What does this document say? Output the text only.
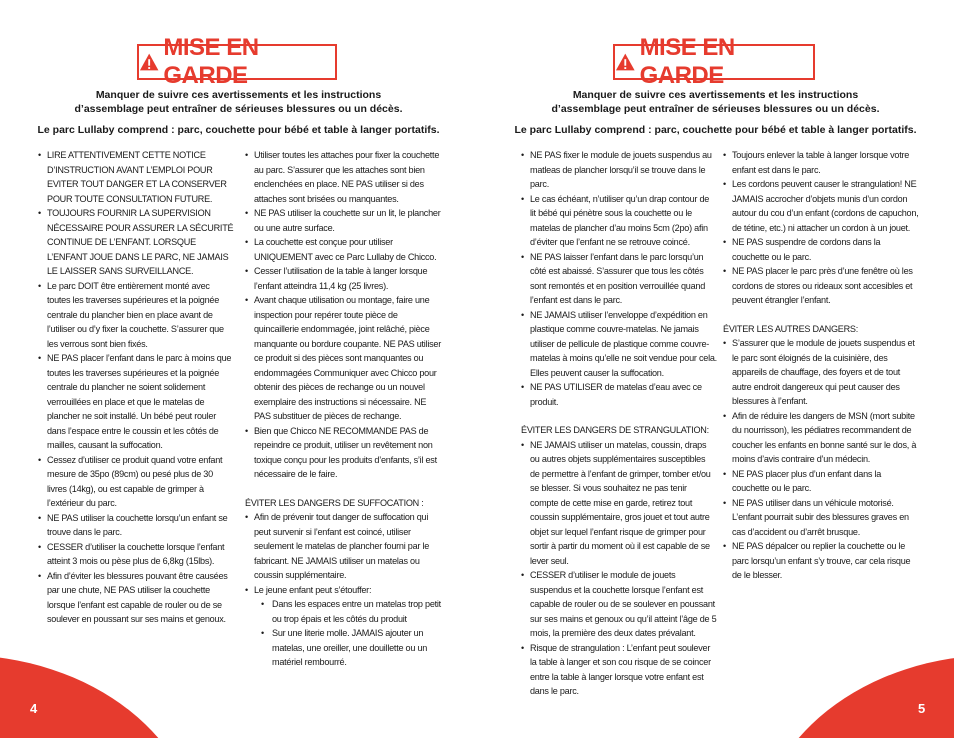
MISE EN GARDE
Manquer de suivre ces avertissements et les instructions
d’assemblage peut entraîner de sérieuses blessures ou un décès.
Le parc Lullaby comprend : parc, couchette pour bébé et table à langer portatifs.
• LIRE ATTENTIVEMENT CETTE NOTICE D’INSTRUCTION AVANT L’EMPLOI POUR EVITER TOUT DANGER ET LA CONSERVER POUR TOUTE CONSULTATION FUTURE.
• TOUJOURS FOURNIR LA SUPERVISION NÉCESSAIRE POUR ASSURER LA SÉCURITÉ CONTINUE DE L’ENFANT. LORSQUE L’ENFANT JOUE DANS LE PARC, NE JAMAIS LE LAISSER SANS SURVEILLANCE.
• Le parc DOIT être entièrement monté avec toutes les traverses supérieures et la poignée centrale du plancher bien en place avant de l’utiliser ou d’y fixer la couchette. S’assurer que les verrous sont bien fixés.
• NE PAS placer l’enfant dans le parc à moins que toutes les traverses supérieures et la poignée centrale du plancher ne soient solidement verrouillées en place et que le matelas de plancher ne soit installé. Un bébé peut rouler dans l’espace entre le coussin et les côtés de mailles, causant la suffocation.
• Cessez d’utiliser ce produit quand votre enfant mesure de 35po (89cm) ou pesé plus de 30 livres (14kg), ou est capable de grimper à l’extérieur du parc.
• NE PAS utiliser la couchette lorsqu’un enfant se trouve dans le parc.
• CESSER d’utiliser la couchette lorsque l’enfant atteint 3 mois ou pèse plus de 6,8kg (15lbs).
• Afin d’éviter les blessures pouvant être causées par une chute, NE PAS utiliser la couchette lorsque l’enfant est capable de rouler ou de se soulever en poussant sur ses mains et genoux.
• Utiliser toutes les attaches pour fixer la couchette au parc. S’assurer que les attaches sont bien enclenchées en place. NE PAS utiliser si des attaches sont brisées ou manquantes.
• NE PAS utiliser la couchette sur un lit, le plancher ou une autre surface.
• La couchette est conçue pour utiliser UNIQUEMENT avec ce Parc Lullaby de Chicco.
• Cesser l’utilisation de la table à langer lorsque l’enfant atteindra 11,4 kg (25 livres).
• Avant chaque utilisation ou montage, faire une inspection pour repérer toute pièce de quincaillerie endommagée, joint relâché, pièce manquante ou bordure coupante. NE PAS utiliser ce produit si des pièces sont manquantes ou endommagées Communiquer avec Chicco pour obtenir des pièces de rechange ou un nouvel exemplaire des instructions si nécessaire. NE PAS substituer de pièces de rechange.
• Bien que Chicco NE RECOMMANDE PAS de repeindre ce produit, utiliser un revêtement non toxique conçu pour les produits d’enfants, s’il est nécessaire de le faire.
ÉVITER LES DANGERS DE SUFFOCATION :
• Afin de prévenir tout danger de suffocation qui peut survenir si l’enfant est coincé, utiliser seulement le matelas de plancher fourni par le fabricant. NE JAMAIS utiliser un matelas ou coussin supplémentaire.
• Le jeune enfant peut s’étouffer:
• Dans les espaces entre un matelas trop petit ou trop épais et les côtés du produit
• Sur une literie molle. JAMAIS ajouter un matelas, une oreiller, une douillette ou un matériel rembourré.
4
MISE EN GARDE
Manquer de suivre ces avertissements et les instructions
d’assemblage peut entraîner de sérieuses blessures ou un décès.
Le parc Lullaby comprend : parc, couchette pour bébé et table à langer portatifs.
• NE PAS fixer le module de jouets suspendus au matleas de plancher lorsqu’il se trouve dans le parc.
• Le cas échéant, n’utiliser qu’un drap contour de lit bébé qui pénètre sous la couchette ou le matelas de plancher d’au moins 5cm (2po) afin d’éviter que l’enfant ne se retrouve coincé.
• NE PAS laisser l’enfant dans le parc lorsqu’un côté est abaissé. S’assurer que tous les côtés sont remontés et en position verrouillée quand l’enfant est dans le parc.
• NE JAMAIS utiliser l’enveloppe d’expédition en plastique comme couvre-matelas. Ne jamais utiliser de pellicule de plastique comme couvre-matelas à moins qu’elle ne soit vendue pour cela. Elles peuvent causer la suffocation.
• NE PAS UTILISER de matelas d’eau avec ce produit.
ÉVITER LES DANGERS DE STRANGULATION:
• NE JAMAIS utiliser un matelas, coussin, draps ou autres objets supplémentaires susceptibles de permettre à l’enfant de grimper, tomber et/ou se blesser. Si vous souhaitez ne pas tenir compte de cette mise en garde, retirez tout coussin supplémentaire, gros jouet et tout autre objet sur lequel l’enfant risque de grimper pour sortir à partir du moment où il est capable de se lever seul.
• CESSER d’utiliser le module de jouets suspendus et la couchette lorsque l’enfant est capable de rouler ou de se soulever en poussant sur ses mains et genoux ou qu’il atteint l’âge de 5 mois, la première des deux dates prévalant.
• Risque de strangulation : L’enfant peut soulever la table à langer et son cou risque de se coincer entre la table à langer lorsque votre enfant est dans le parc.
• Toujours enlever la table à langer lorsque votre enfant est dans le parc.
• Les cordons peuvent causer le strangulation! NE JAMAIS accrocher d’objets munis d’un cordon autour du cou d’un enfant (cordons de capuchon, de tétine, etc.) ni attacher un cordon à un jouet.
• NE PAS suspendre de cordons dans la couchette ou le parc.
• NE PAS placer le parc près d’une fenêtre où les cordons de stores ou rideaux sont accesibles et peuvent étrangler l’enfant.
ÉVITER LES AUTRES DANGERS:
• S’assurer que le module de jouets suspendus et le parc sont éloignés de la cuisinière, des appareils de chauffage, des foyers et de tout autre endroit dangereux qui peut causer des blessures à l’enfant.
• Afin de réduire les dangers de MSN (mort subite du nourrisson), les pédiatres recommandent de coucher les enfants en bonne santé sur le dos, à moins d’avis contraire d’un médecin.
• NE PAS placer plus d’un enfant dans la couchette ou le parc.
• NE PAS utiliser dans un véhicule motorisé. L’enfant pourrait subir des blessures graves en cas d’accident ou d’arrêt brusque.
• NE PAS dépalcer ou replier la couchette ou le parc lorsqu’un enfant s’y trouve, car cela risque de le blesser.
5
